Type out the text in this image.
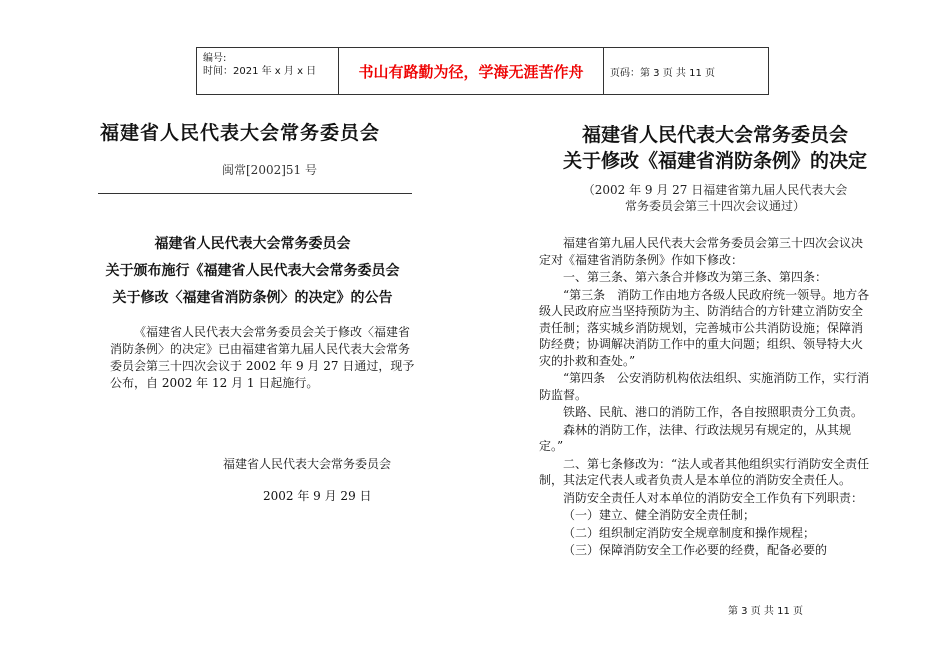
编号:
时间：2021 年 x 月 x 日	书山有路勤为径，学海无涯苦作舟	页码：第 3 页 共 11 页
福建省人民代表大会常务委员会
闽常[2002]51 号
福建省人民代表大会常务委员会
关于颁布施行《福建省人民代表大会常务委员会
关于修改〈福建省消防条例〉的决定》的公告
《福建省人民代表大会常务委员会关于修改〈福建省消防条例〉的决定》已由福建省第九届人民代表大会常务委员会第三十四次会议于 2002 年 9 月 27 日通过，现予公布，自 2002 年 12 月 1 日起施行。
福建省人民代表大会常务委员会
2002 年 9 月 29 日
福建省人民代表大会常务委员会
关于修改《福建省消防条例》的决定
（2002 年 9 月 27 日福建省第九届人民代表大会
常务委员会第三十四次会议通过）

福建省第九届人民代表大会常务委员会第三十四次会议决定对《福建省消防条例》作如下修改：

一、第三条、第六条合并修改为第三条、第四条：

“第三条　消防工作由地方各级人民政府统一领导。地方各级人民政府应当坚持预防为主、防消结合的方针建立消防安全责任制；落实城乡消防规划，完善城市公共消防设施；保障消防经费；协调解决消防工作中的重大问题；组织、领导特大火灾的扑救和查处。”

“第四条　公安消防机构依法组织、实施消防工作，实行消防监督。

铁路、民航、港口的消防工作，各自按照职责分工负责。

森林的消防工作，法律、行政法规另有规定的，从其规定。”

二、第七条修改为：“法人或者其他组织实行消防安全责任制，其法定代表人或者负责人是本单位的消防安全责任人。

消防安全责任人对本单位的消防安全工作负有下列职责：

（一）建立、健全消防安全责任制；

（二）组织制定消防安全规章制度和操作规程；

（三）保障消防安全工作必要的经费，配备必要的

第 3 页 共 11 页
